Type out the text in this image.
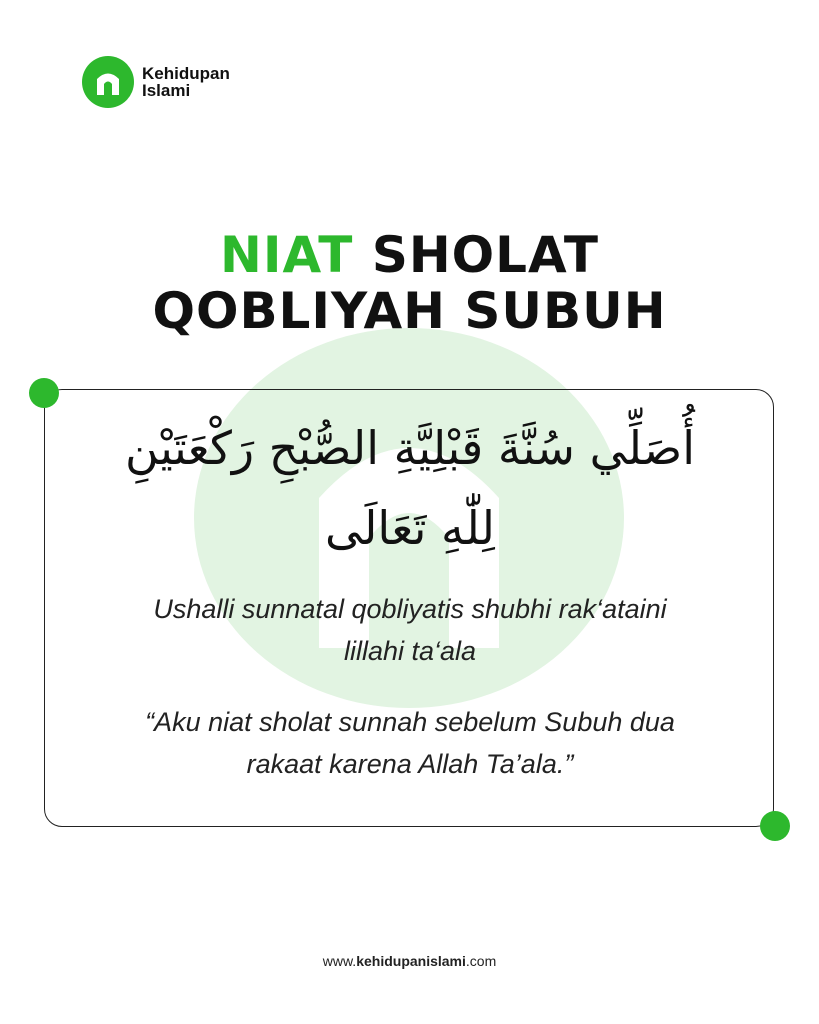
Kehidupan
Islami
NIAT SHOLAT
QOBLIYAH SUBUH
أُصَلِّي سُنَّةَ قَبْلِيَّةِ الصُّبْحِ رَكْعَتَيْنِ
لِلّٰهِ تَعَالَى
Ushalli sunnatal qobliyatis shubhi rak‘ataini
lillahi ta‘ala
“Aku niat sholat sunnah sebelum Subuh dua
rakaat karena Allah Ta’ala.”
www.kehidupanislami.com
